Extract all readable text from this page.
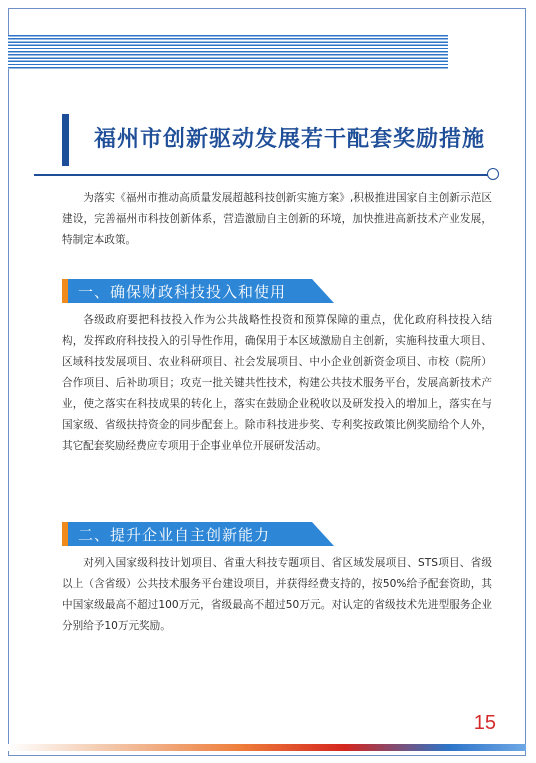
福州市创新驱动发展若干配套奖励措施

为落实《福州市推动高质量发展超越科技创新实施方案》,积极推进国家自主创新示范区建设，完善福州市科技创新体系，营造激励自主创新的环境，加快推进高新技术产业发展，特制定本政策。

一、确保财政科技投入和使用

各级政府要把科技投入作为公共战略性投资和预算保障的重点，优化政府科技投入结构，发挥政府科技投入的引导性作用，确保用于本区域激励自主创新，实施科技重大项目、区域科技发展项目、农业科研项目、社会发展项目、中小企业创新资金项目、市校（院所）合作项目、后补助项目；攻克一批关键共性技术，构建公共技术服务平台，发展高新技术产业，使之落实在科技成果的转化上，落实在鼓励企业税收以及研发投入的增加上，落实在与国家级、省级扶持资金的同步配套上。除市科技进步奖、专利奖按政策比例奖励给个人外，其它配套奖励经费应专项用于企事业单位开展研发活动。

二、提升企业自主创新能力

对列入国家级科技计划项目、省重大科技专题项目、省区域发展项目、STS项目、省级以上（含省级）公共技术服务平台建设项目，并获得经费支持的，按50%给予配套资助，其中国家级最高不超过100万元，省级最高不超过50万元。对认定的省级技术先进型服务企业分别给予10万元奖励。

15
